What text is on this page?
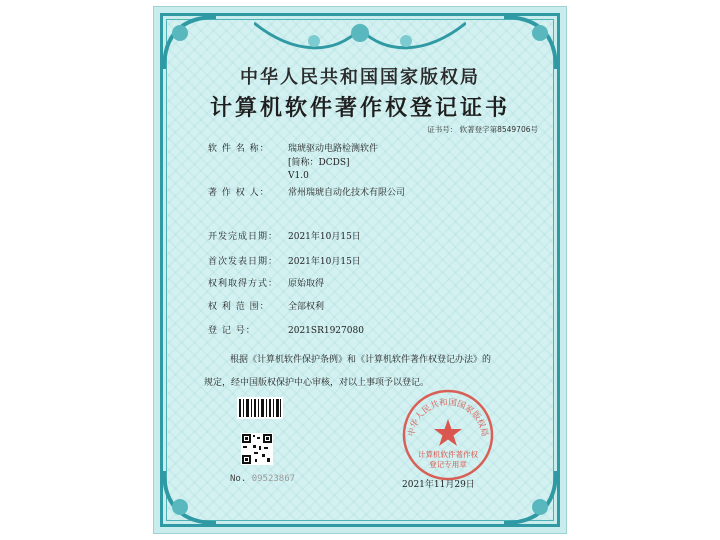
中华人民共和国国家版权局
计算机软件著作权登记证书
证书号： 软著登字第8549706号
软 件 名 称：	瑞琥驱动电路检测软件
[简称：DCDS]
V1.0
著 作 权 人：	常州瑞琥自动化技术有限公司
开发完成日期： 2021年10月15日
首次发表日期： 2021年10月15日
权利取得方式： 原始取得
权 利 范 围：	全部权利
登 记 号：	2021SR1927080
根据《计算机软件保护条例》和《计算机软件著作权登记办法》的
规定，经中国版权保护中心审核，对以上事项予以登记。
No. 09523867
中华人民共和国国家版权局
计算机软件著作权
登记专用章
2021年11月29日
